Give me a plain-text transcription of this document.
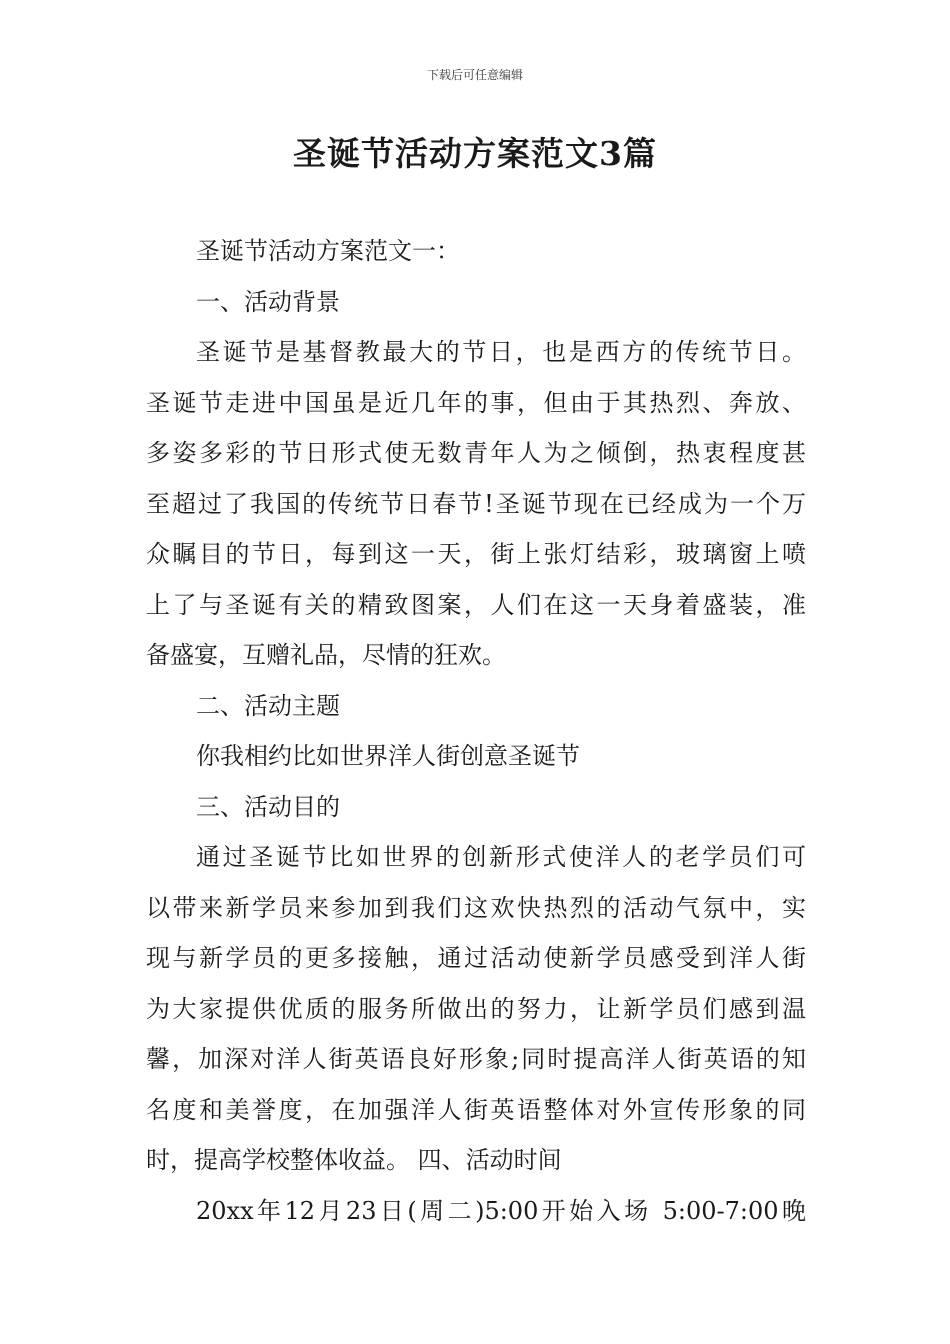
下载后可任意编辑
圣诞节活动方案范文3篇
圣诞节活动方案范文一：
一、活动背景
圣诞节是基督教最大的节日，也是西方的传统节日。
圣诞节走进中国虽是近几年的事，但由于其热烈、奔放、
多姿多彩的节日形式使无数青年人为之倾倒，热衷程度甚
至超过了我国的传统节日春节!圣诞节现在已经成为一个万
众瞩目的节日，每到这一天，街上张灯结彩，玻璃窗上喷
上了与圣诞有关的精致图案，人们在这一天身着盛装，准
备盛宴，互赠礼品，尽情的狂欢。
二、活动主题
你我相约比如世界洋人街创意圣诞节
三、活动目的
通过圣诞节比如世界的创新形式使洋人的老学员们可
以带来新学员来参加到我们这欢快热烈的活动气氛中，实
现与新学员的更多接触，通过活动使新学员感受到洋人街
为大家提供优质的服务所做出的努力，让新学员们感到温
馨，加深对洋人街英语良好形象;同时提高洋人街英语的知
名度和美誉度，在加强洋人街英语整体对外宣传形象的同
时，提高学校整体收益。 四、活动时间
20xx年12月23日(周二)5:00开始入场 5:00-7:00晚
